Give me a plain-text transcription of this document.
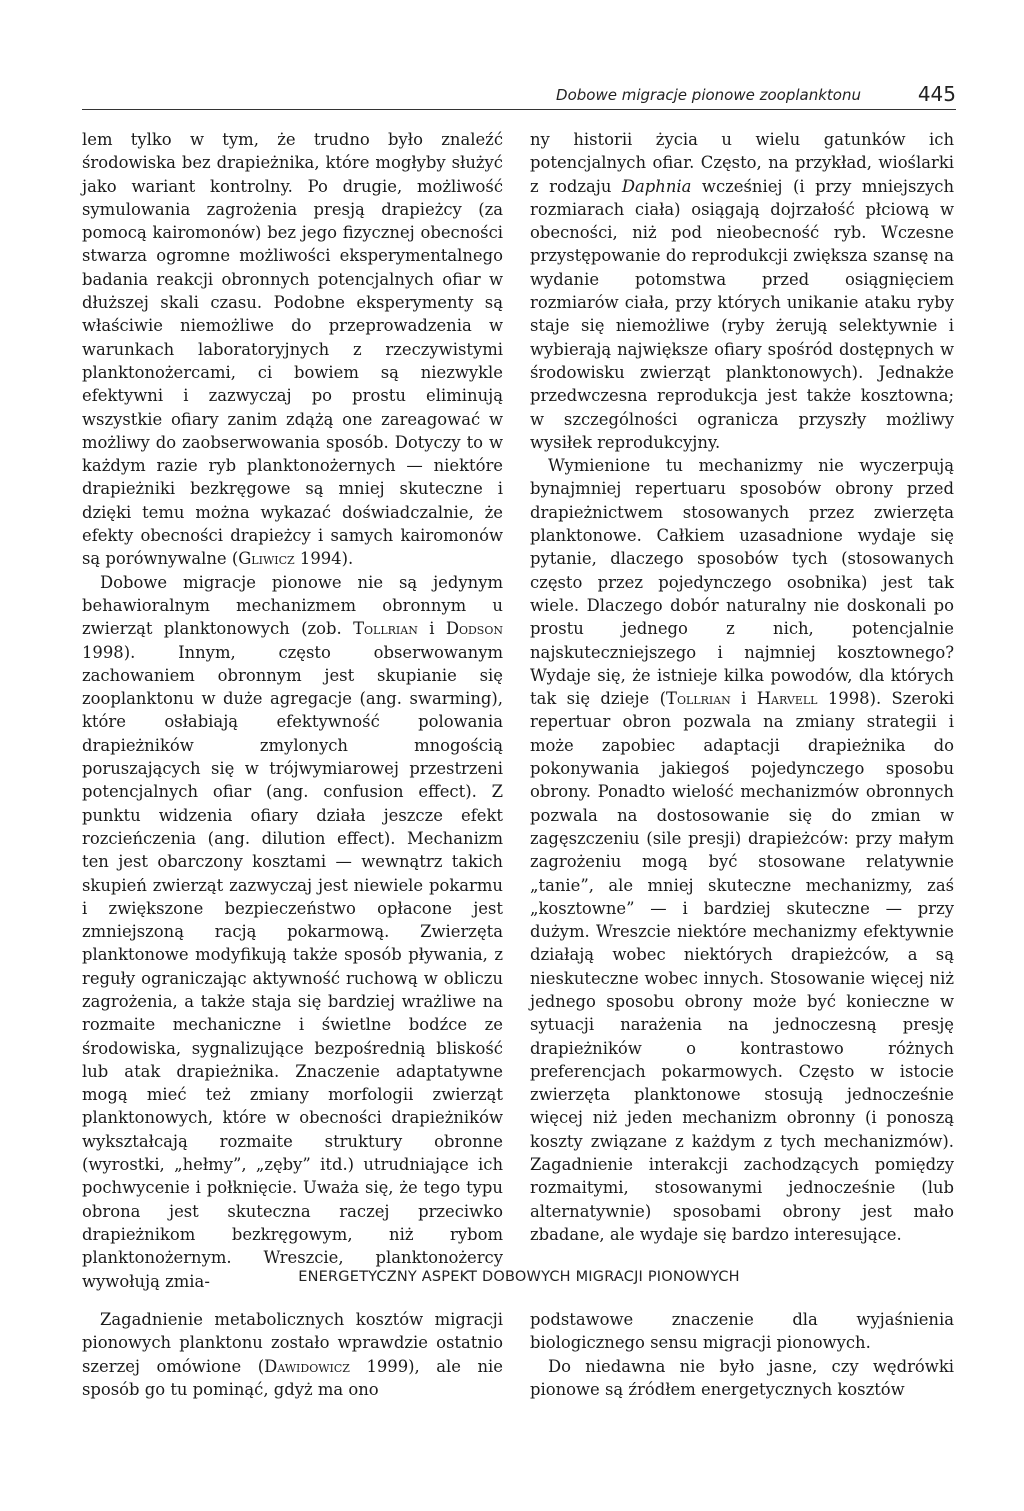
Dobowe migracje pionowe zooplanktonu	445

lem tylko w tym, że trudno było znaleźć środowiska bez drapieżnika, które mogłyby służyć jako wariant kontrolny. Po drugie, możliwość symulowania zagrożenia presją drapieżcy (za pomocą kairomonów) bez jego fizycznej obecności stwarza ogromne możliwości eksperymentalnego badania reakcji obronnych potencjalnych ofiar w dłuższej skali czasu. Podobne eksperymenty są właściwie niemożliwe do przeprowadzenia w warunkach laboratoryjnych z rzeczywistymi planktonożercami, ci bowiem są niezwykle efektywni i zazwyczaj po prostu eliminują wszystkie ofiary zanim zdążą one zareagować w możliwy do zaobserwowania sposób. Dotyczy to w każdym razie ryb planktonożernych — niektóre drapieżniki bezkręgowe są mniej skuteczne i dzięki temu można wykazać doświadczalnie, że efekty obecności drapieżcy i samych kairomonów są porównywalne (Gliwicz 1994).

Dobowe migracje pionowe nie są jedynym behawioralnym mechanizmem obronnym u zwierząt planktonowych (zob. Tollrian i Dodson 1998). Innym, często obserwowanym zachowaniem obronnym jest skupianie się zooplanktonu w duże agregacje (ang. swarming), które osłabiają efektywność polowania drapieżników zmylonych mnogością poruszających się w trójwymiarowej przestrzeni potencjalnych ofiar (ang. confusion effect). Z punktu widzenia ofiary działa jeszcze efekt rozcieńczenia (ang. dilution effect). Mechanizm ten jest obarczony kosztami — wewnątrz takich skupień zwierząt zazwyczaj jest niewiele pokarmu i zwiększone bezpieczeństwo opłacone jest zmniejszoną racją pokarmową. Zwierzęta planktonowe modyfikują także sposób pływania, z reguły ograniczając aktywność ruchową w obliczu zagrożenia, a także staja się bardziej wrażliwe na rozmaite mechaniczne i świetlne bodźce ze środowiska, sygnalizujące bezpośrednią bliskość lub atak drapieżnika. Znaczenie adaptatywne mogą mieć też zmiany morfologii zwierząt planktonowych, które w obecności drapieżników wykształcają rozmaite struktury obronne (wyrostki, „hełmy”, „zęby” itd.) utrudniające ich pochwycenie i połknięcie. Uważa się, że tego typu obrona jest skuteczna raczej przeciwko drapieżnikom bezkręgowym, niż rybom planktonożernym. Wreszcie, planktonożercy wywołują zmia-

ny historii życia u wielu gatunków ich potencjalnych ofiar. Często, na przykład, wioślarki z rodzaju Daphnia wcześniej (i przy mniejszych rozmiarach ciała) osiągają dojrzałość płciową w obecności, niż pod nieobecność ryb. Wczesne przystępowanie do reprodukcji zwiększa szansę na wydanie potomstwa przed osiągnięciem rozmiarów ciała, przy których unikanie ataku ryby staje się niemożliwe (ryby żerują selektywnie i wybierają największe ofiary spośród dostępnych w środowisku zwierząt planktonowych). Jednakże przedwczesna reprodukcja jest także kosztowna; w szczególności ogranicza przyszły możliwy wysiłek reprodukcyjny.

Wymienione tu mechanizmy nie wyczerpują bynajmniej repertuaru sposobów obrony przed drapieżnictwem stosowanych przez zwierzęta planktonowe. Całkiem uzasadnione wydaje się pytanie, dlaczego sposobów tych (stosowanych często przez pojedynczego osobnika) jest tak wiele. Dlaczego dobór naturalny nie doskonali po prostu jednego z nich, potencjalnie najskuteczniejszego i najmniej kosztownego? Wydaje się, że istnieje kilka powodów, dla których tak się dzieje (Tollrian i Harvell 1998). Szeroki repertuar obron pozwala na zmiany strategii i może zapobiec adaptacji drapieżnika do pokonywania jakiegoś pojedynczego sposobu obrony. Ponadto wielość mechanizmów obronnych pozwala na dostosowanie się do zmian w zagęszczeniu (sile presji) drapieżców: przy małym zagrożeniu mogą być stosowane relatywnie „tanie”, ale mniej skuteczne mechanizmy, zaś „kosztowne” — i bardziej skuteczne — przy dużym. Wreszcie niektóre mechanizmy efektywnie działają wobec niektórych drapieżców, a są nieskuteczne wobec innych. Stosowanie więcej niż jednego sposobu obrony może być konieczne w sytuacji narażenia na jednoczesną presję drapieżników o kontrastowo różnych preferencjach pokarmowych. Często w istocie zwierzęta planktonowe stosują jednocześnie więcej niż jeden mechanizm obronny (i ponoszą koszty związane z każdym z tych mechanizmów). Zagadnienie interakcji zachodzących pomiędzy rozmaitymi, stosowanymi jednocześnie (lub alternatywnie) sposobami obrony jest mało zbadane, ale wydaje się bardzo interesujące.

ENERGETYCZNY ASPEKT DOBOWYCH MIGRACJI PIONOWYCH

Zagadnienie metabolicznych kosztów migracji pionowych planktonu zostało wprawdzie ostatnio szerzej omówione (Dawidowicz 1999), ale nie sposób go tu pominąć, gdyż ma ono

podstawowe znaczenie dla wyjaśnienia biologicznego sensu migracji pionowych.

Do niedawna nie było jasne, czy wędrówki pionowe są źródłem energetycznych kosztów
